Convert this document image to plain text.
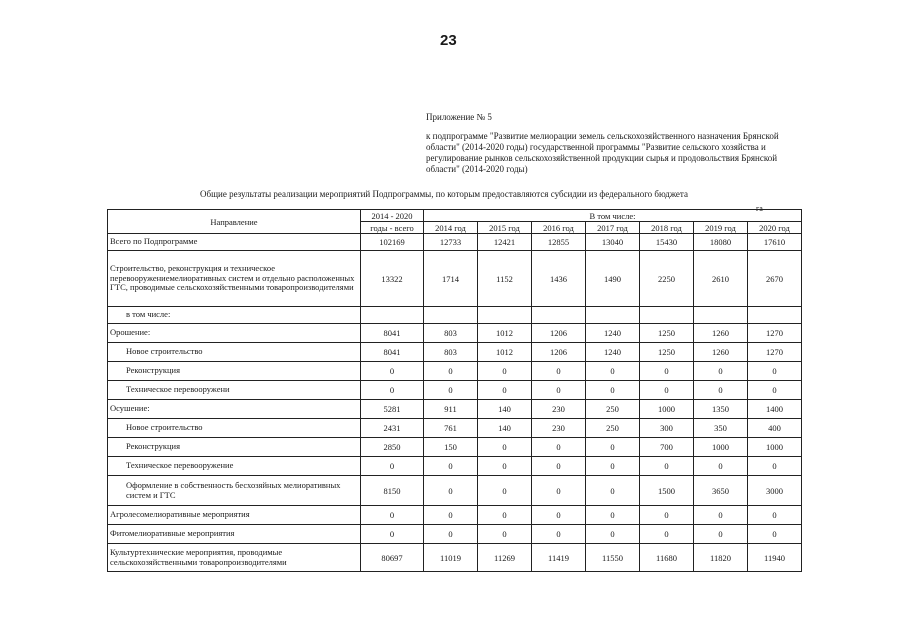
23
Приложение № 5
к подпрограмме "Развитие мелиорации земель сельскохозяйственного назначения Брянской области" (2014-2020 годы) государственной программы "Развитие сельского хозяйства и регулирование рынков сельскохозяйственной продукции сырья и продовольствия Брянской области" (2014-2020 годы)
Общие результаты реализации мероприятий Подпрограммы, по которым предоставляются субсидии из федерального бюджета
га
Направление	2014 - 2020	В том числе:						
	годы - всего	2014 год	2015 год	2016 год	2017 год	2018 год	2019 год	2020 год
Всего по Подпрограмме	102169	12733	12421	12855	13040	15430	18080	17610
Строительство, реконструкция и техническое перевооружениемелиоративных систем и отдельно расположенных ГТС, проводимые сельскохозяйственными товаропроизводителями	13322	1714	1152	1436	1490	2250	2610	2670
в том числе:								
Орошение:	8041	803	1012	1206	1240	1250	1260	1270
Новое строительство	8041	803	1012	1206	1240	1250	1260	1270
Реконструкция	0	0	0	0	0	0	0	0
Техническое перевооружени	0	0	0	0	0	0	0	0
Осушение:	5281	911	140	230	250	1000	1350	1400
Новое строительство	2431	761	140	230	250	300	350	400
Реконструкция	2850	150	0	0	0	700	1000	1000
Техническое перевооружение	0	0	0	0	0	0	0	0
Оформление в собственность бесхозяйных мелиоративных систем и ГТС	8150	0	0	0	0	1500	3650	3000
Агролесомелиоративные мероприятия	0	0	0	0	0	0	0	0
Фитомелиоративные мероприятия	0	0	0	0	0	0	0	0
Культуртехнические мероприятия, проводимые сельскохозяйственными товаропроизводителями	80697	11019	11269	11419	11550	11680	11820	11940
